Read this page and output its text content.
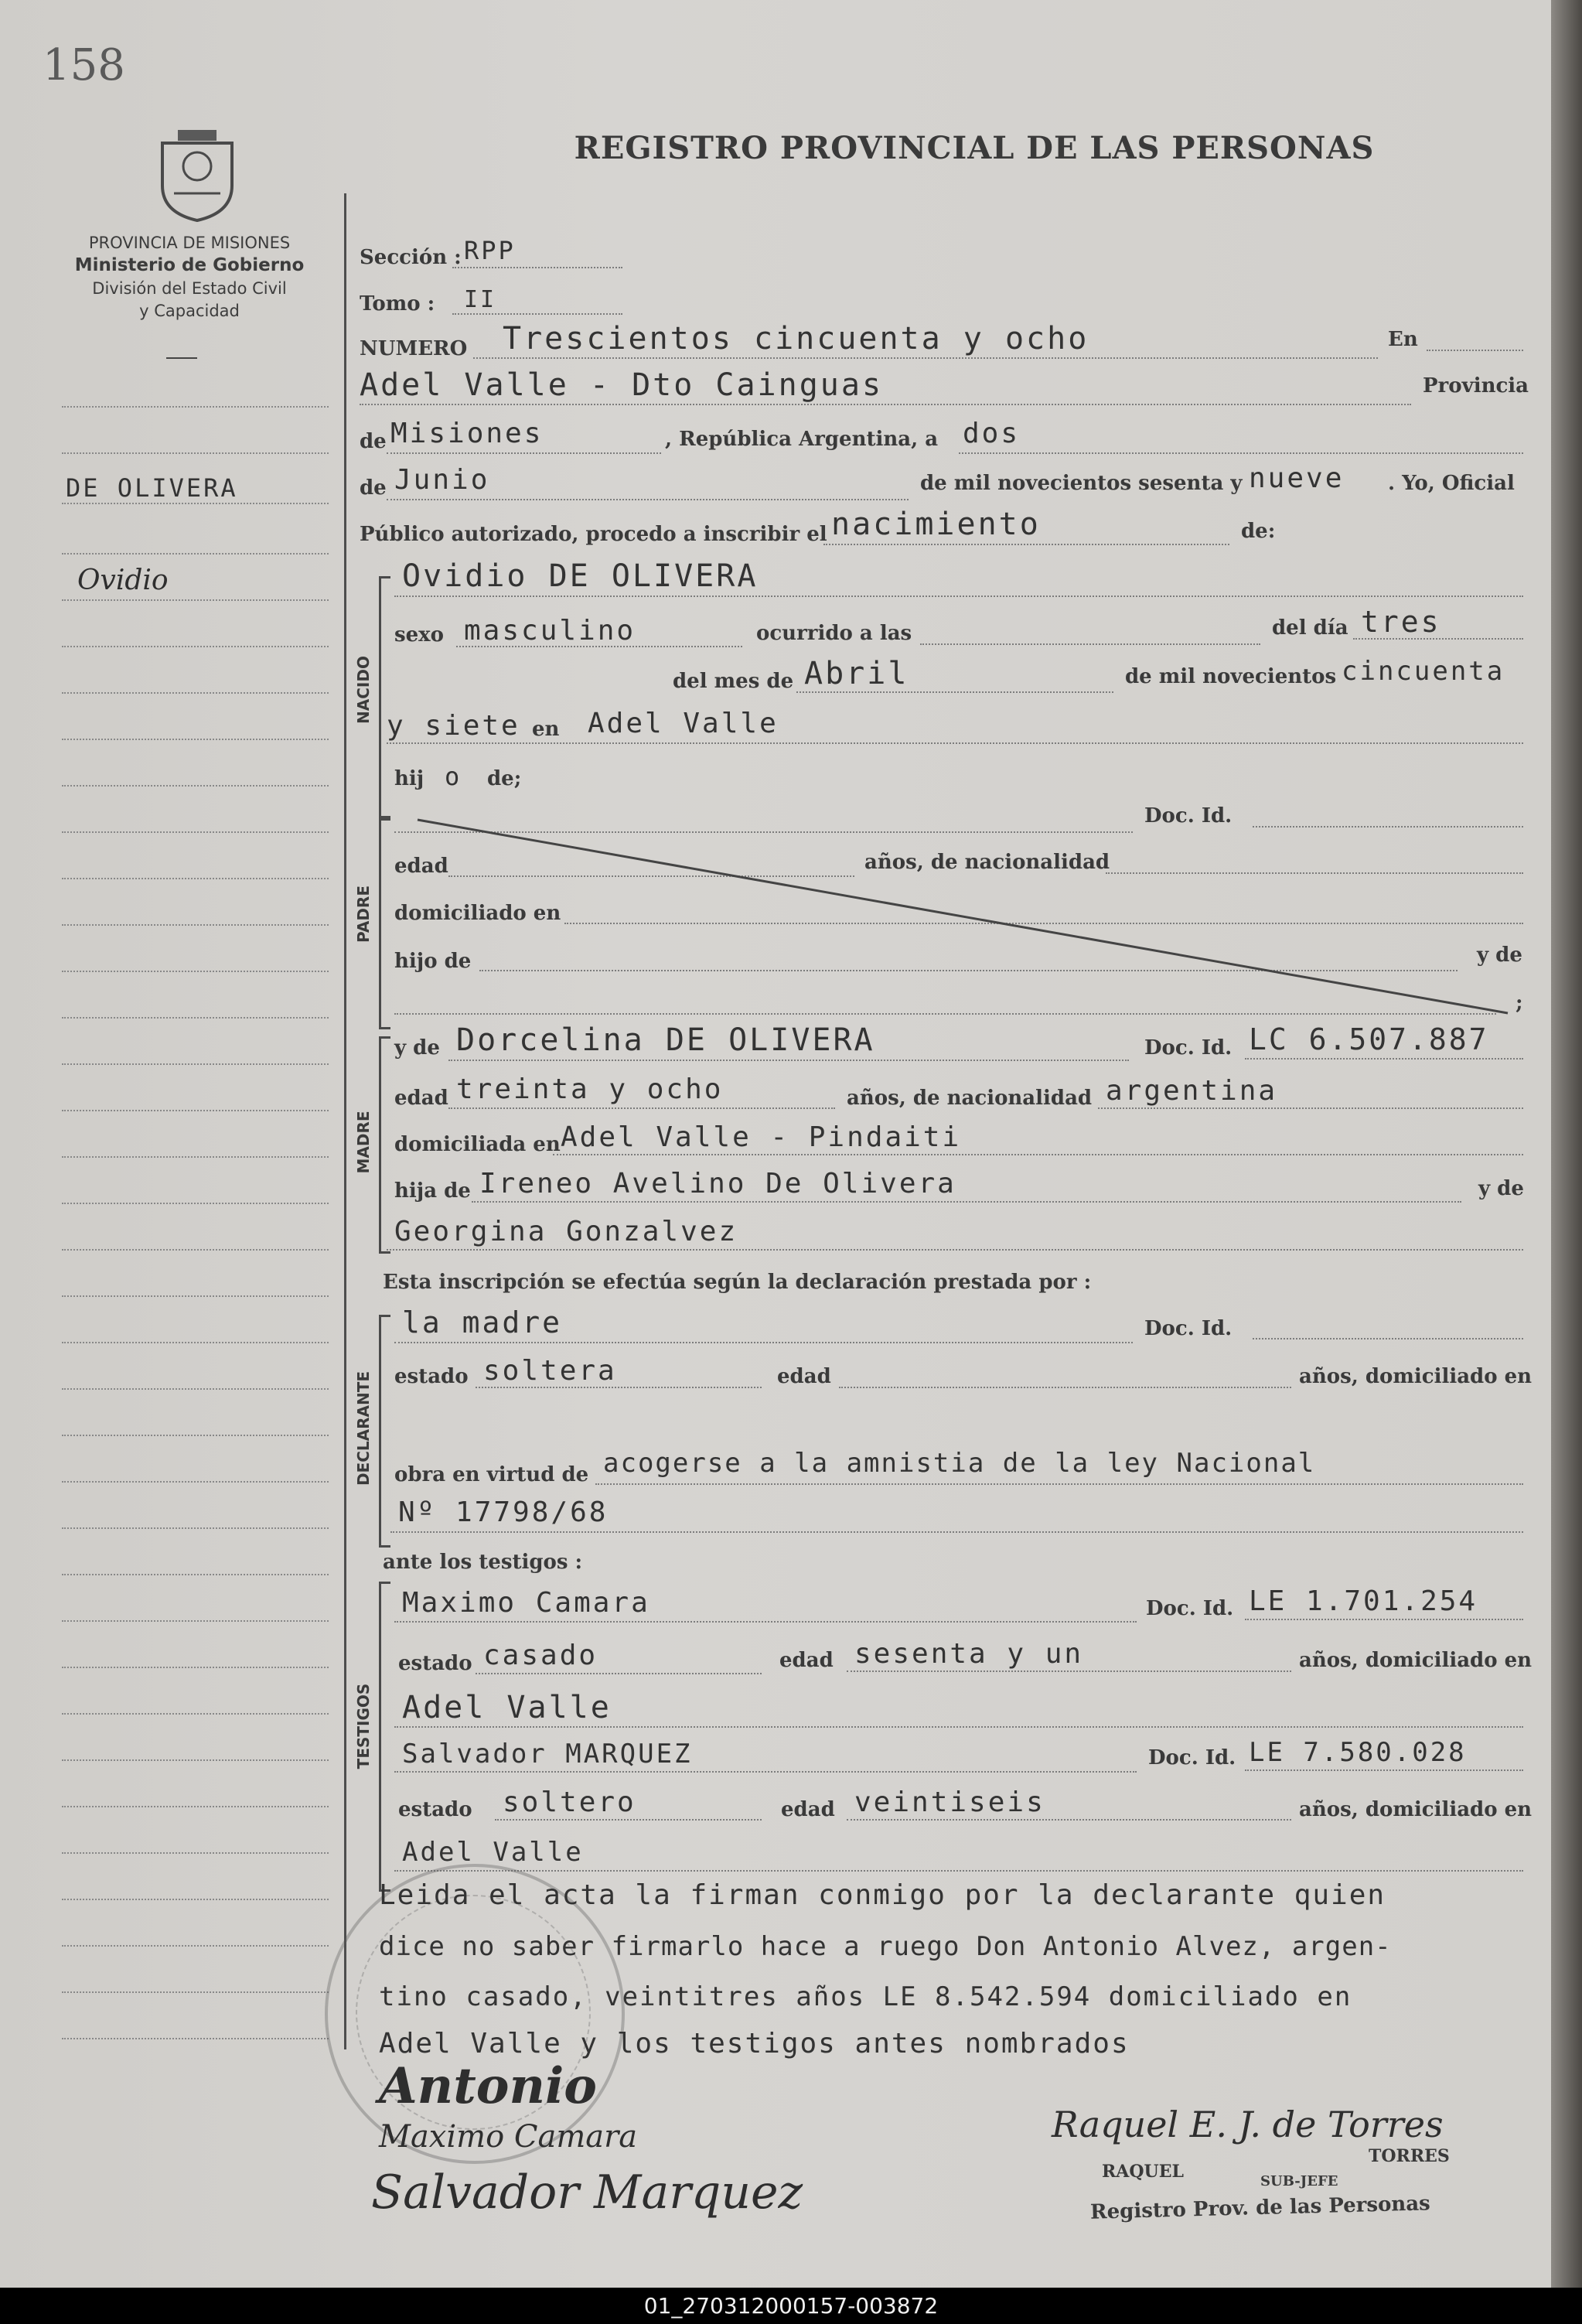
158
REGISTRO PROVINCIAL DE LAS PERSONAS
PROVINCIA DE MISIONES
Ministerio de Gobierno
División del Estado Civil
y Capacidad
DE OLIVERA
Ovidio
Sección : RPP
Tomo : II
NUMERO Trescientos cincuenta y ocho	En
Adel Valle - Dto Cainguas	Provincia
de Misiones	, República Argentina, a dos
de Junio	de mil novecientos sesenta y nueve . Yo, Oficial
Público autorizado, procedo a inscribir el nacimiento	de:
NACIDO
Ovidio DE OLIVERA
sexo masculino	ocurrido a las	del día tres
del mes de Abril	de mil novecientos cincuenta
y siete en Adel Valle
hij o de;
PADRE
Doc. Id.
edad	años, de nacionalidad
domiciliado en
hijo de	y de
;
MADRE
y de Dorcelina DE OLIVERA	Doc. Id. LC 6.507.887
edad treinta y ocho	años, de nacionalidad argentina
domiciliada en Adel Valle - Pindaiti
hija de Ireneo Avelino De Olivera	y de
Georgina Gonzalvez
Esta inscripción se efectúa según la declaración prestada por :
DECLARANTE
la madre	Doc. Id.
estado soltera	edad	años, domiciliado en
obra en virtud de acogerse a la amnistia de la ley Nacional
Nº 17798/68
ante los testigos :
TESTIGOS
Maximo Camara	Doc. Id. LE 1.701.254
estado casado	edad sesenta y un	años, domiciliado en
Adel Valle
Salvador MARQUEZ	Doc. Id. LE 7.580.028
estado soltero	edad veintiseis	años, domiciliado en
Adel Valle
Leida el acta la firman conmigo por la declarante quien
dice no saber firmarlo hace a ruego Don Antonio Alvez, argen-
tino casado, veintitres años LE 8.542.594 domiciliado en
Adel Valle y los testigos antes nombrados
Antonio
Maximo Camara
Salvador Marquez
Raquel E. J. de Torres
RAQUEL
TORRES
SUB-JEFE
Registro Prov. de las Personas
01_270312000157-003872
